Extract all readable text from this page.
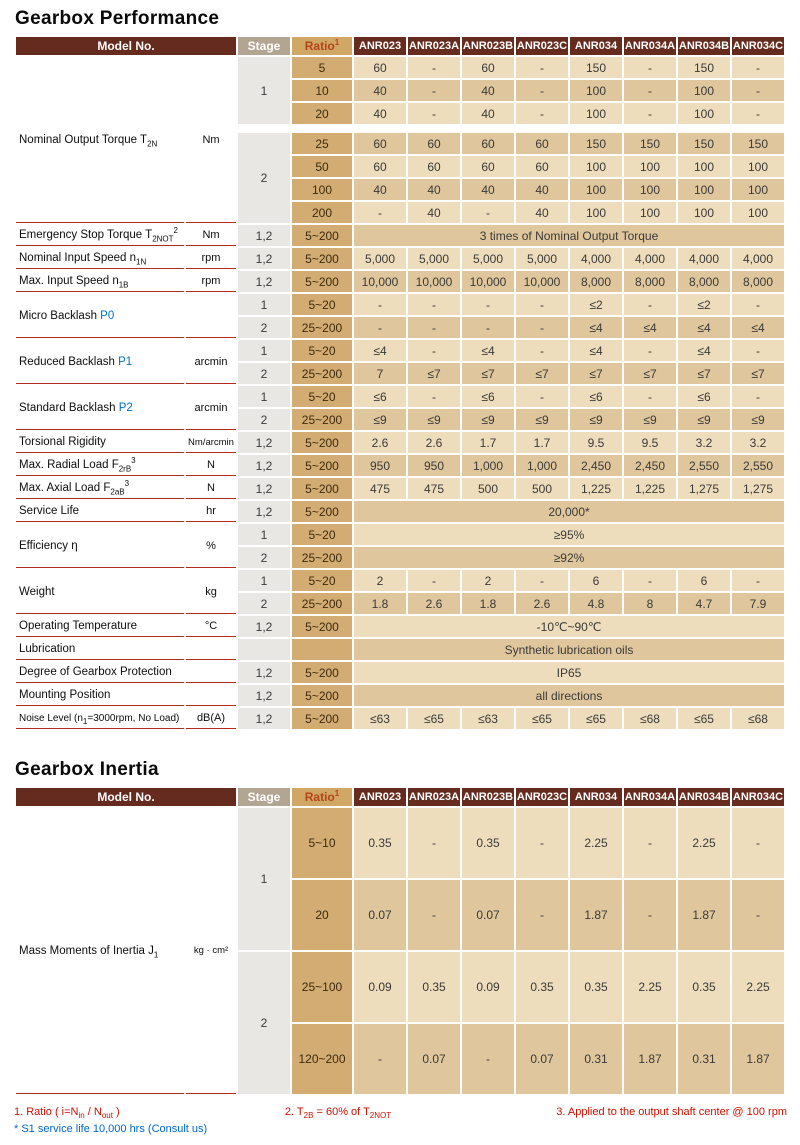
Gearbox Performance
Model No.		Stage	Ratio$^1$	ANR023	ANR023A	ANR023B	ANR023C	ANR034	ANR034A	ANR034B	ANR034C
Nominal Output Torque $T_{2N}$	Nm	1	5	60	-	60	-	150	-	150	-
			10	40	-	40	-	100	-	100	-
			20	40	-	40	-	100	-	100	-

		2	25	60	60	60	60	150	150	150	150
			50	60	60	60	60	100	100	100	100
			100	40	40	40	40	100	100	100	100
			200	-	40	-	40	100	100	100	100
Emergency Stop Torque $T_{2NOT}^2$	Nm	1,2	5~200	3 times of Nominal Output Torque							
Nominal Input Speed $n_{1N}$	rpm	1,2	5~200	5,000	5,000	5,000	5,000	4,000	4,000	4,000	4,000
Max. Input Speed $n_{1B}$	rpm	1,2	5~200	10,000	10,000	10,000	10,000	8,000	8,000	8,000	8,000
Micro Backlash P0		1	5~20	-	-	-	-	≤2	-	≤2	-
		2	25~200	-	-	-	-	≤4	≤4	≤4	≤4
Reduced Backlash P1	arcmin	1	5~20	≤4	-	≤4	-	≤4	-	≤4	-
		2	25~200	7	≤7	≤7	≤7	≤7	≤7	≤7	≤7
Standard Backlash P2	arcmin	1	5~20	≤6	-	≤6	-	≤6	-	≤6	-
		2	25~200	≤9	≤9	≤9	≤9	≤9	≤9	≤9	≤9
Torsional Rigidity	Nm/arcmin	1,2	5~200	2.6	2.6	1.7	1.7	9.5	9.5	3.2	3.2
Max. Radial Load $F_{2rB}^3$	N	1,2	5~200	950	950	1,000	1,000	2,450	2,450	2,550	2,550
Max. Axial Load $F_{2aB}^3$	N	1,2	5~200	475	475	500	500	1,225	1,225	1,275	1,275
Service Life	hr	1,2	5~200	20,000*							
Efficiency η	%	1	5~20	≥95%							
		2	25~200	≥92%							
Weight	kg	1	5~20	2	-	2	-	6	-	6	-
		2	25~200	1.8	2.6	1.8	2.6	4.8	8	4.7	7.9
Operating Temperature	°C	1,2	5~200	-10℃~90℃							
Lubrication				Synthetic lubrication oils							
Degree of Gearbox Protection		1,2	5~200	IP65							
Mounting Position		1,2	5~200	all directions							
Noise Level ($n_1=3000rpm$, No Load)	dB(A)	1,2	5~200	≤63	≤65	≤63	≤65	≤65	≤68	≤65	≤68
Gearbox Inertia
Model No.		Stage	Ratio$^1$	ANR023	ANR023A	ANR023B	ANR023C	ANR034	ANR034A	ANR034B	ANR034C
Mass Moments of Inertia $J_1$	kg · cm²	1	5~10	0.35	-	0.35	-	2.25	-	2.25	-
			20	0.07	-	0.07	-	1.87	-	1.87	-
		2	25~100	0.09	0.35	0.09	0.35	0.35	2.25	0.35	2.25
			120~200	-	0.07	-	0.07	0.31	1.87	0.31	1.87
1. Ratio ( $i=N_{in} / N_{out}$ )	2. $T_{2B} = 60\%$ of $T_{2NOT}$	3. Applied to the output shaft center @ 100 rpm
* S1 service life 10,000 hrs (Consult us)
